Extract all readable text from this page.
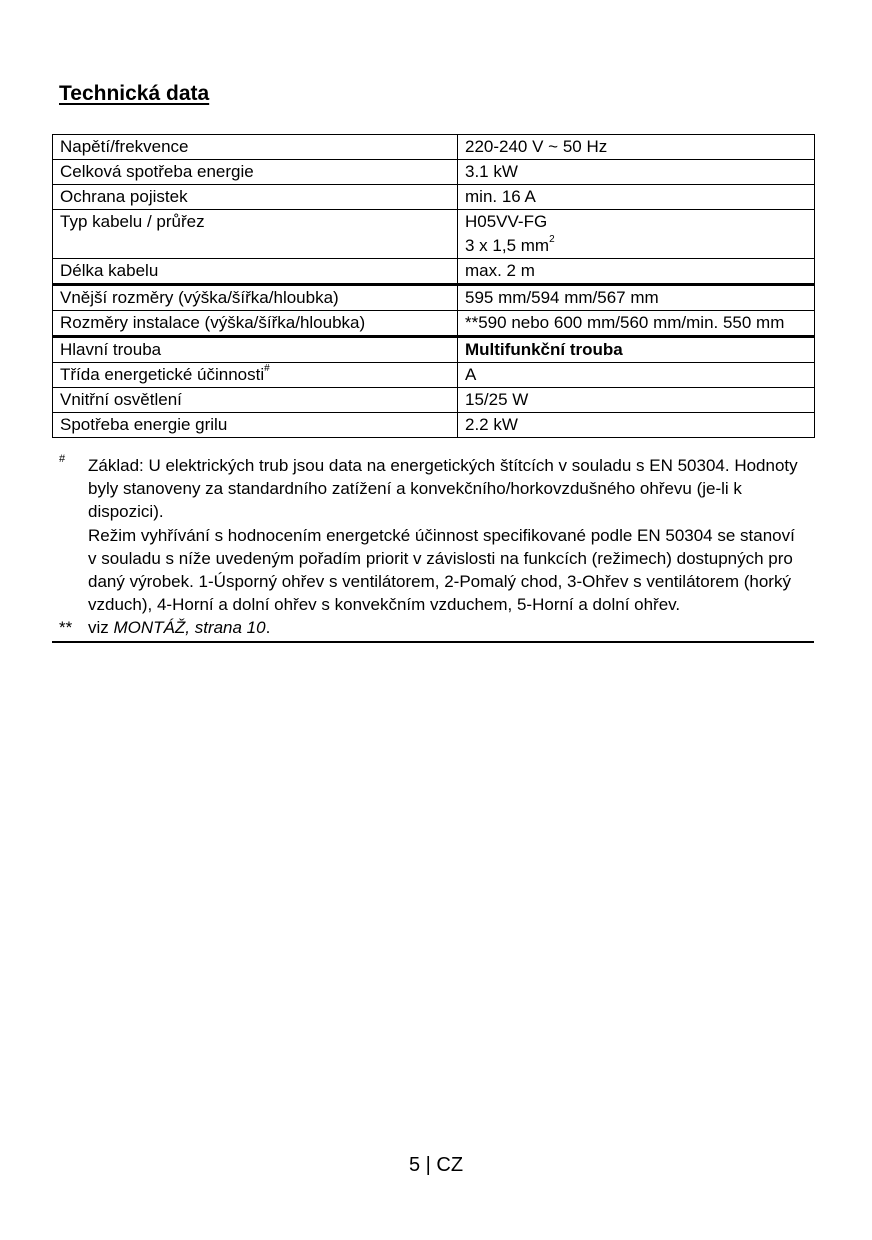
Technická data
Napětí/frekvence	220-240 V ~ 50 Hz
Celková spotřeba energie	3.1 kW
Ochrana pojistek	min. 16 A
Typ kabelu / průřez	H05VV-FG
3 x 1,5 $mm^2$

Délka kabelu	max. 2 m
Vnější rozměry (výška/šířka/hloubka)	595 mm/594 mm/567 mm
Rozměry instalace (výška/šířka/hloubka)	**590 nebo 600 mm/560 mm/min. 550 mm
Hlavní trouba	Multifunkční trouba
Třída energetické účinnosti#	A
Vnitřní osvětlení	15/25 W
Spotřeba energie grilu	2.2 kW
# Základ: U elektrických trub jsou data na energetických štítcích v souladu s EN 50304. Hodnoty byly stanoveny za standardního zatížení a konvekčního/horkovzdušného ohřevu (je-li k dispozici).

Režim vyhřívání s hodnocením energetcké účinnost specifikované podle EN 50304 se stanoví v souladu s níže uvedeným pořadím priorit v závislosti na funkcích (režimech) dostupných pro daný výrobek. 1-Úsporný ohřev s ventilátorem, 2-Pomalý chod, 3-Ohřev s ventilátorem (horký vzduch), 4-Horní a dolní ohřev s konvekčním vzduchem, 5-Horní a dolní ohřev.

** viz MONTÁŽ, strana 10.

5 | CZ
